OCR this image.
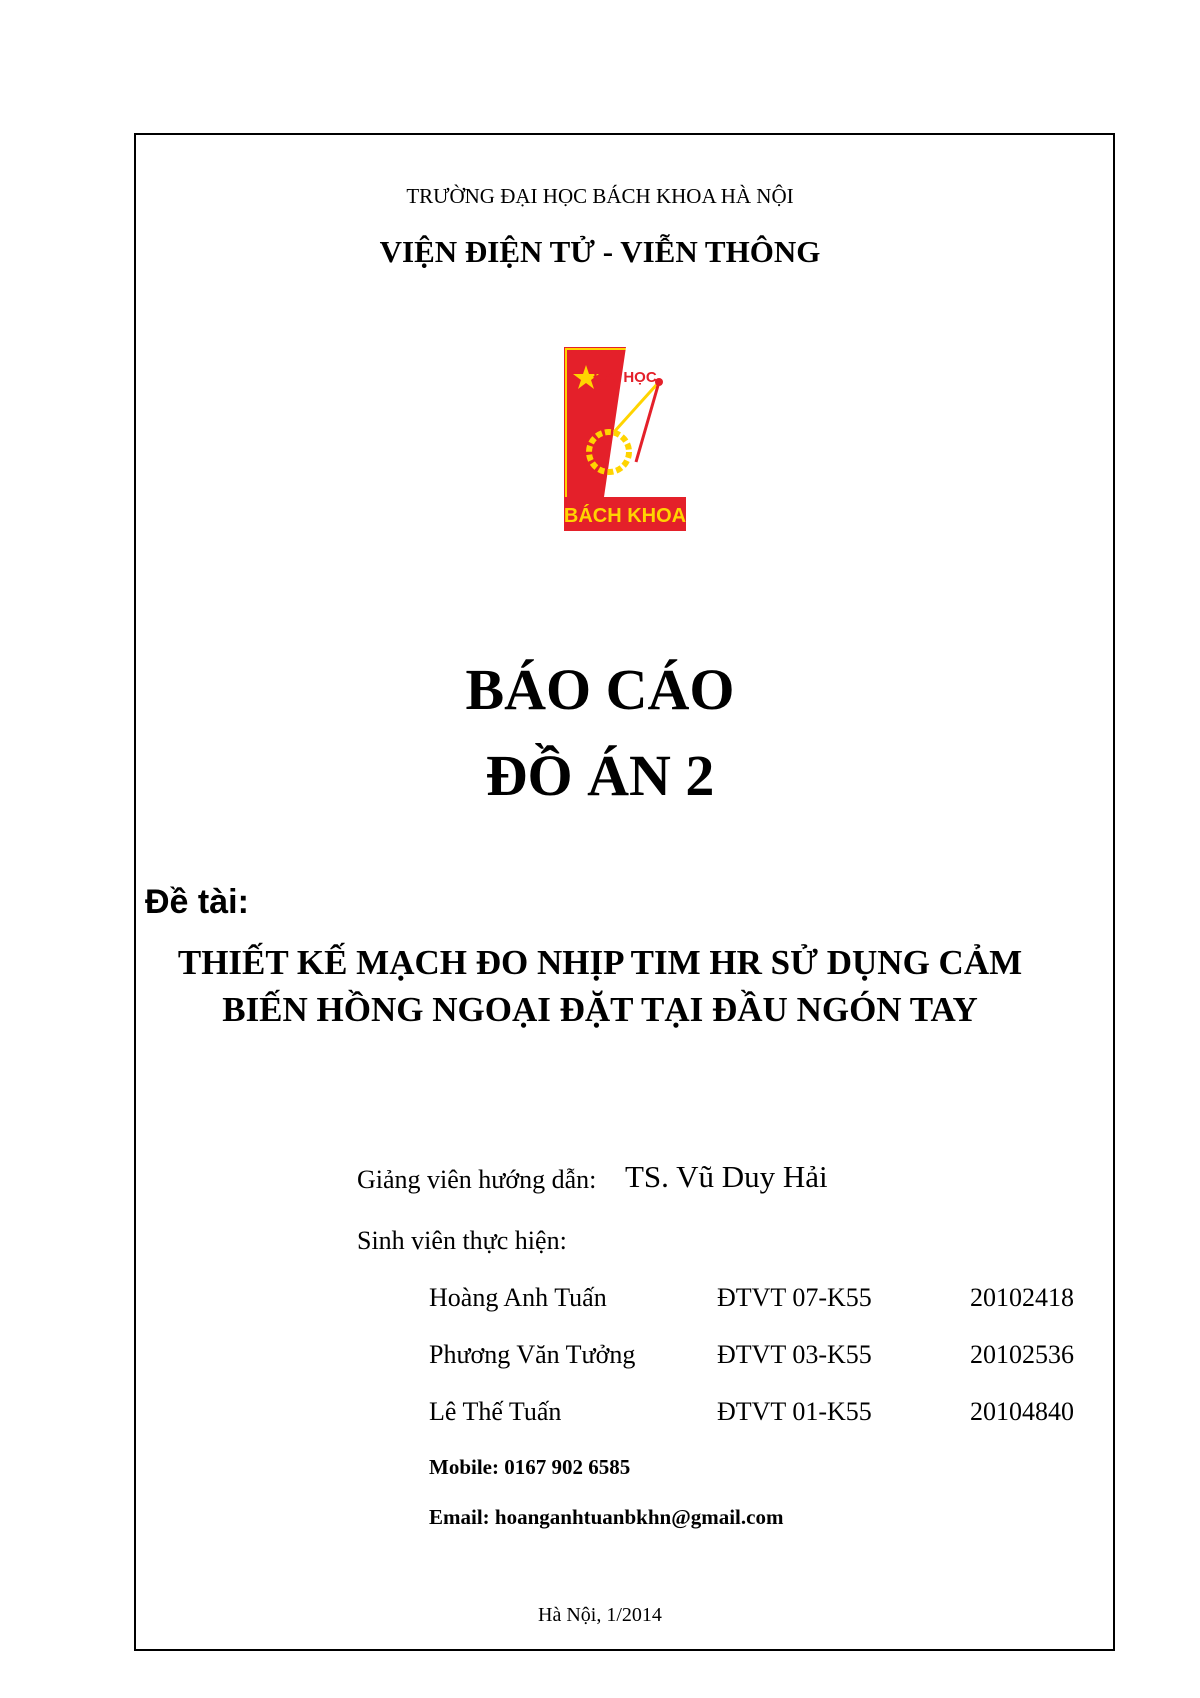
TRƯỜNG ĐẠI HỌC BÁCH KHOA HÀ NỘI
VIỆN ĐIỆN TỬ - VIỄN THÔNG
ĐẠI HỌC
BÁCH KHOA
BÁO CÁO
ĐỒ ÁN 2
Đề tài:
THIẾT KẾ MẠCH ĐO NHỊP TIM HR SỬ DỤNG CẢM
BIẾN HỒNG NGOẠI ĐẶT TẠI ĐẦU NGÓN TAY
Giảng viên hướng dẫn: TS. Vũ Duy Hải
Sinh viên thực hiện:
Hoàng Anh Tuấn	ĐTVT 07-K55	20102418
Phương Văn Tưởng	ĐTVT 03-K55	20102536
Lê Thế Tuấn	ĐTVT 01-K55	20104840
Mobile: 0167 902 6585
Email: hoanganhtuanbkhn@gmail.com
Hà Nội, 1/2014
